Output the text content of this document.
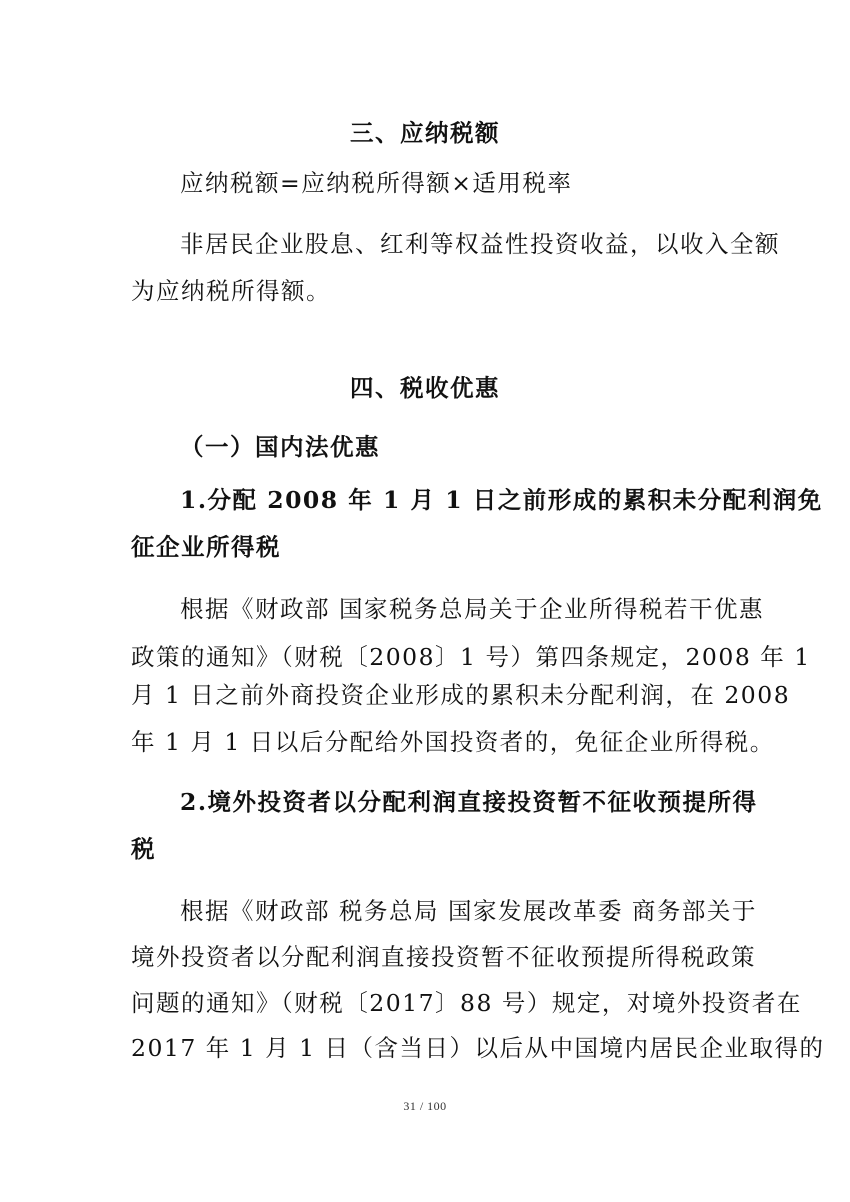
三、应纳税额
应纳税额=应纳税所得额×适用税率
非居民企业股息、红利等权益性投资收益，以收入全额
为应纳税所得额。
四、税收优惠
（一）国内法优惠
1.分配 2008 年 1 月 1 日之前形成的累积未分配利润免
征企业所得税
根据《财政部 国家税务总局关于企业所得税若干优惠
政策的通知》（财税〔2008〕1 号）第四条规定，2008 年 1
月 1 日之前外商投资企业形成的累积未分配利润，在 2008
年 1 月 1 日以后分配给外国投资者的，免征企业所得税。
2.境外投资者以分配利润直接投资暂不征收预提所得
税
根据《财政部 税务总局 国家发展改革委 商务部关于
境外投资者以分配利润直接投资暂不征收预提所得税政策
问题的通知》（财税〔2017〕88 号）规定，对境外投资者在
2017 年 1 月 1 日（含当日）以后从中国境内居民企业取得的
31 / 100
